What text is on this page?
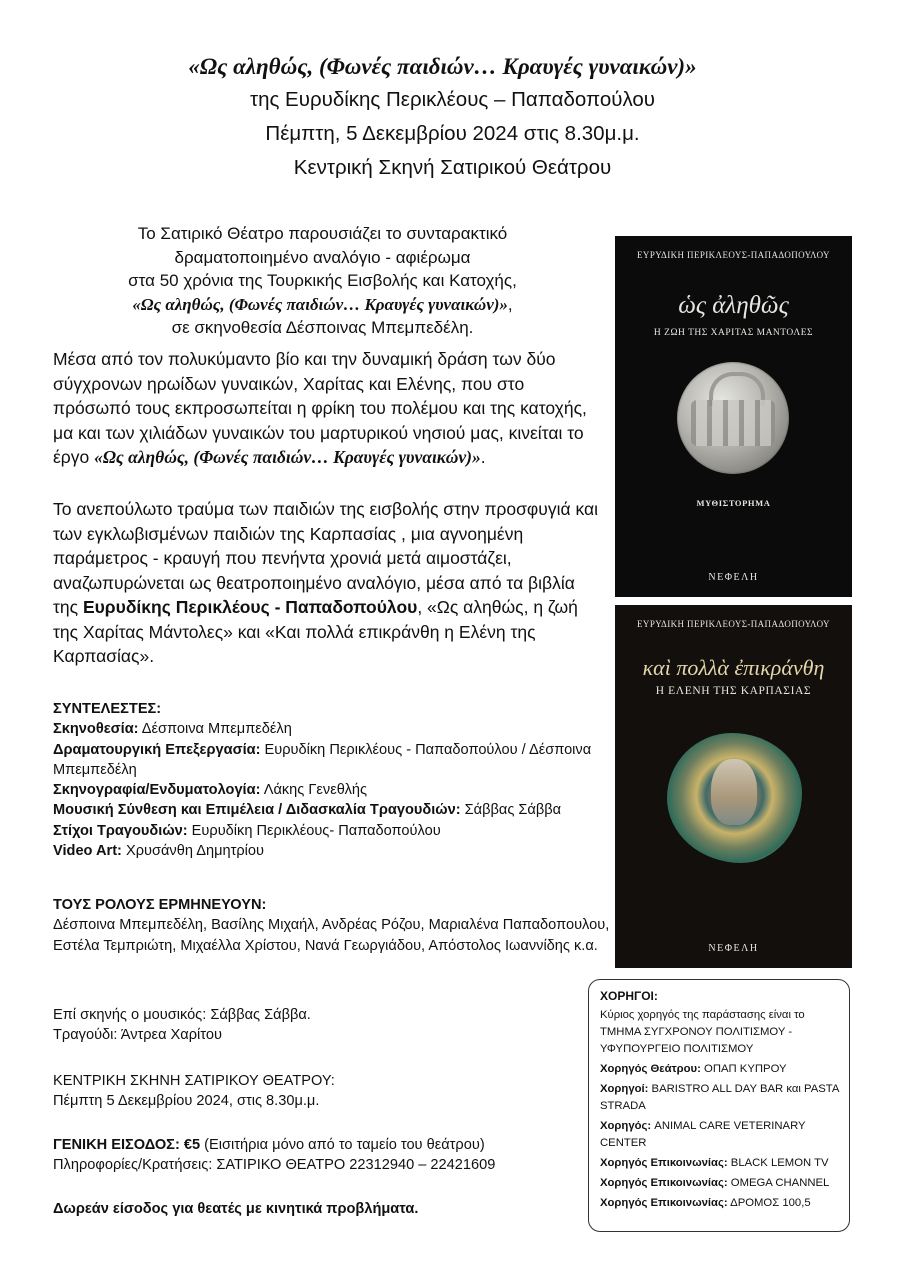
«Ως αληθώς, (Φωνές παιδιών… Κραυγές γυναικών)»
της Ευρυδίκης Περικλέους – Παπαδοπούλου
Πέμπτη, 5 Δεκεμβρίου 2024 στις 8.30μ.μ.
Κεντρική Σκηνή Σατιρικού Θεάτρου
Το Σατιρικό Θέατρο παρουσιάζει το συνταρακτικό
δραματοποιημένο αναλόγιο - αφιέρωμα
στα 50 χρόνια της Τουρκικής Εισβολής και Κατοχής,
«Ως αληθώς, (Φωνές παιδιών… Κραυγές γυναικών)»,
σε σκηνοθεσία Δέσποινας Μπεμπεδέλη.
Μέσα από τον πολυκύμαντο βίο και την δυναμική δράση των δύο σύγχρονων ηρωίδων γυναικών, Χαρίτας και Ελένης, που στο πρόσωπό τους εκπροσωπείται η φρίκη του πολέμου και της κατοχής, μα και των χιλιάδων γυναικών του μαρτυρικού νησιού μας, κινείται το έργο «Ως αληθώς, (Φωνές παιδιών… Κραυγές γυναικών)».
Το ανεπούλωτο τραύμα των παιδιών της εισβολής στην προσφυγιά και των εγκλωβισμένων παιδιών της Καρπασίας , μια αγνοημένη παράμετρος - κραυγή που πενήντα χρονιά μετά αιμοστάζει, αναζωπυρώνεται ως θεατροποιημένο αναλόγιο, μέσα από τα βιβλία της Ευρυδίκης Περικλέους - Παπαδοπούλου, «Ως αληθώς, η ζωή της Χαρίτας Μάντολες» και «Και πολλά επικράνθη η Ελένη της Καρπασίας».
ΣΥΝΤΕΛΕΣΤΕΣ:
Σκηνοθεσία: Δέσποινα Μπεμπεδέλη
Δραματουργική Επεξεργασία: Ευρυδίκη Περικλέους - Παπαδοπούλου / Δέσποινα Μπεμπεδέλη
Σκηνογραφία/Ενδυματολογία: Λάκης Γενεθλής
Μουσική Σύνθεση και Επιμέλεια / Διδασκαλία Τραγουδιών: Σάββας Σάββα
Στίχοι Τραγουδιών: Ευρυδίκη Περικλέους- Παπαδοπούλου
Video Art: Χρυσάνθη Δημητρίου
ΤΟΥΣ ΡΟΛΟΥΣ ΕΡΜΗΝΕΥΟΥΝ:
Δέσποινα Μπεμπεδέλη, Βασίλης Μιχαήλ, Ανδρέας Ρόζου, Μαριαλένα Παπαδοπουλου, Εστέλα Τεμπριώτη, Μιχαέλλα Χρίστου, Νανά Γεωργιάδου, Απόστολος Ιωαννίδης κ.α.
Επί σκηνής ο μουσικός: Σάββας Σάββα.
Τραγούδι: Άντρεα Χαρίτου
ΚΕΝΤΡΙΚΗ ΣΚΗΝΗ ΣΑΤΙΡΙΚΟΥ ΘΕΑΤΡΟΥ:
Πέμπτη 5 Δεκεμβρίου 2024, στις 8.30μ.μ.
ΓΕΝΙΚΗ ΕΙΣΟΔΟΣ: €5 (Εισιτήρια μόνο από το ταμείο του θεάτρου)
Πληροφορίες/Κρατήσεις: ΣΑΤΙΡΙΚΟ ΘΕΑΤΡΟ 22312940 – 22421609
Δωρεάν είσοδος για θεατές με κινητικά προβλήματα.
ΕΥΡΥΔΙΚΗ ΠΕΡΙΚΛΕΟΥΣ-ΠΑΠΑΔΟΠΟΥΛΟΥ
ὡς ἀληθῶς
Η ΖΩΗ ΤΗΣ ΧΑΡΙΤΑΣ ΜΑΝΤΟΛΕΣ
ΜΥΘΙΣΤΟΡΗΜΑ
ΝΕΦΕΛΗ
ΕΥΡΥΔΙΚΗ ΠΕΡΙΚΛΕΟΥΣ-ΠΑΠΑΔΟΠΟΥΛΟΥ
καὶ πολλὰ ἐπικράνθη
Η ΕΛΕΝΗ ΤΗΣ ΚΑΡΠΑΣΙΑΣ
ΝΕΦΕΛΗ
ΧΟΡΗΓΟΙ:
Κύριος χορηγός της παράστασης είναι το ΤΜΗΜΑ ΣΥΓΧΡΟΝΟΥ ΠΟΛΙΤΙΣΜΟΥ - ΥΦΥΠΟΥΡΓΕΙΟ ΠΟΛΙΤΙΣΜΟΥ
Χορηγός Θεάτρου: ΟΠΑΠ ΚΥΠΡΟΥ
Χορηγοί: BARISTRO ALL DAY BAR και PASTA STRADA
Χορηγός: ANIMAL CARE VETERINARY CENTER
Χορηγός Επικοινωνίας: BLACK LEMON TV
Χορηγός Επικοινωνίας: OMEGA CHANNEL
Χορηγός Επικοινωνίας: ΔΡΟΜΟΣ 100,5
